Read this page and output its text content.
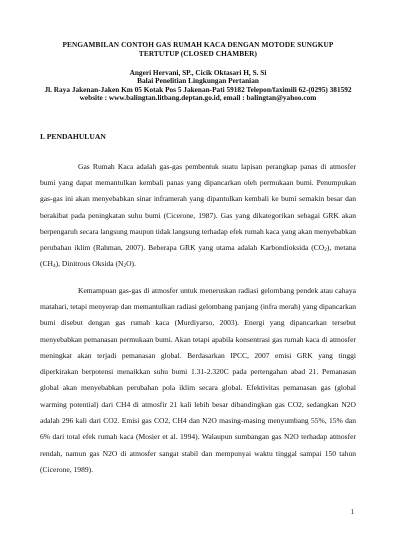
PENGAMBILAN CONTOH GAS RUMAH KACA DENGAN MOTODE SUNGKUP
TERTUTUP (CLOSED CHAMBER)
Angeri Hervani, SP., Cicik Oktasari H, S. Si
Balai Penelitian Lingkungan Pertanian
Jl. Raya Jakenan-Jaken Km 05 Kotak Pos 5 Jakenan-Pati 59182 Telepon/faximili 62-(0295) 381592
website : www.balingtan.litbang.deptan.go.id, email : balingtan@yahoo.com
I. PENDAHULUAN

Gas Rumah Kaca adalah gas-gas pembentuk suatu lapisan perangkap panas di atmosfer bumi yang dapat memantulkan kembali panas yang dipancarkan oleh permukaan bumi. Penumpukan gas-gas ini akan menyebabkan sinar inframerah yang dipantulkan kembali ke bumi semakin besar dan berakibat pada peningkatan suhu bumi (Cicerone, 1987). Gas yang dikategorikan sebagai GRK akan berpengaruh secara langsung maupun tidak langsung terhadap efek rumah kaca yang akan menyebabkan perubahan iklim (Rahman, 2007). Beberapa GRK yang utama adalah Karbondioksida $(CO_2)$, metana $(CH_4)$, Dinitrous Oksida $(N_2O)$.

Kemampuan gas-gas di atmosfer untuk meneruskan radiasi gelombang pendek atau cahaya matahari, tetapi menyerap dan memantulkan radiasi gelombang panjang (infra merah) yang dipancarkan bumi disebut dengan gas rumah kaca (Murdiyarso, 2003). Energi yang dipancarkan tersebut menyebabkan pemanasan permukaan bumi. Akan tetapi apabila konsentrasi gas rumah kaca di atmosfer meningkat akan terjadi pemanasan global. Berdasarkan IPCC, 2007 emisi GRK yang tinggi diperkirakan berpotensi menaikkan suhu bumi 1.31-2.320C pada pertengahan abad 21. Pemanasan global akan menyebabkan perubahan pola iklim secara global. Efektivitas pemanasan gas (global warming potential) dari CH4 di atmosfir 21 kali lebih besar dibandingkan gas CO2, sedangkan N2O adalah 296 kali dari CO2. Emisi gas CO2, CH4 dan N2O masing-masing menyumbang 55%, 15% dan 6% dari total efek rumah kaca (Mosier et al. 1994). Walaupun sumbangan gas N2O terhadap atmosfer rendah, namun gas N2O di atmosfer sangat stabil dan mempunyai waktu tinggal sampai 150 tahun (Cicerone, 1989).

1
